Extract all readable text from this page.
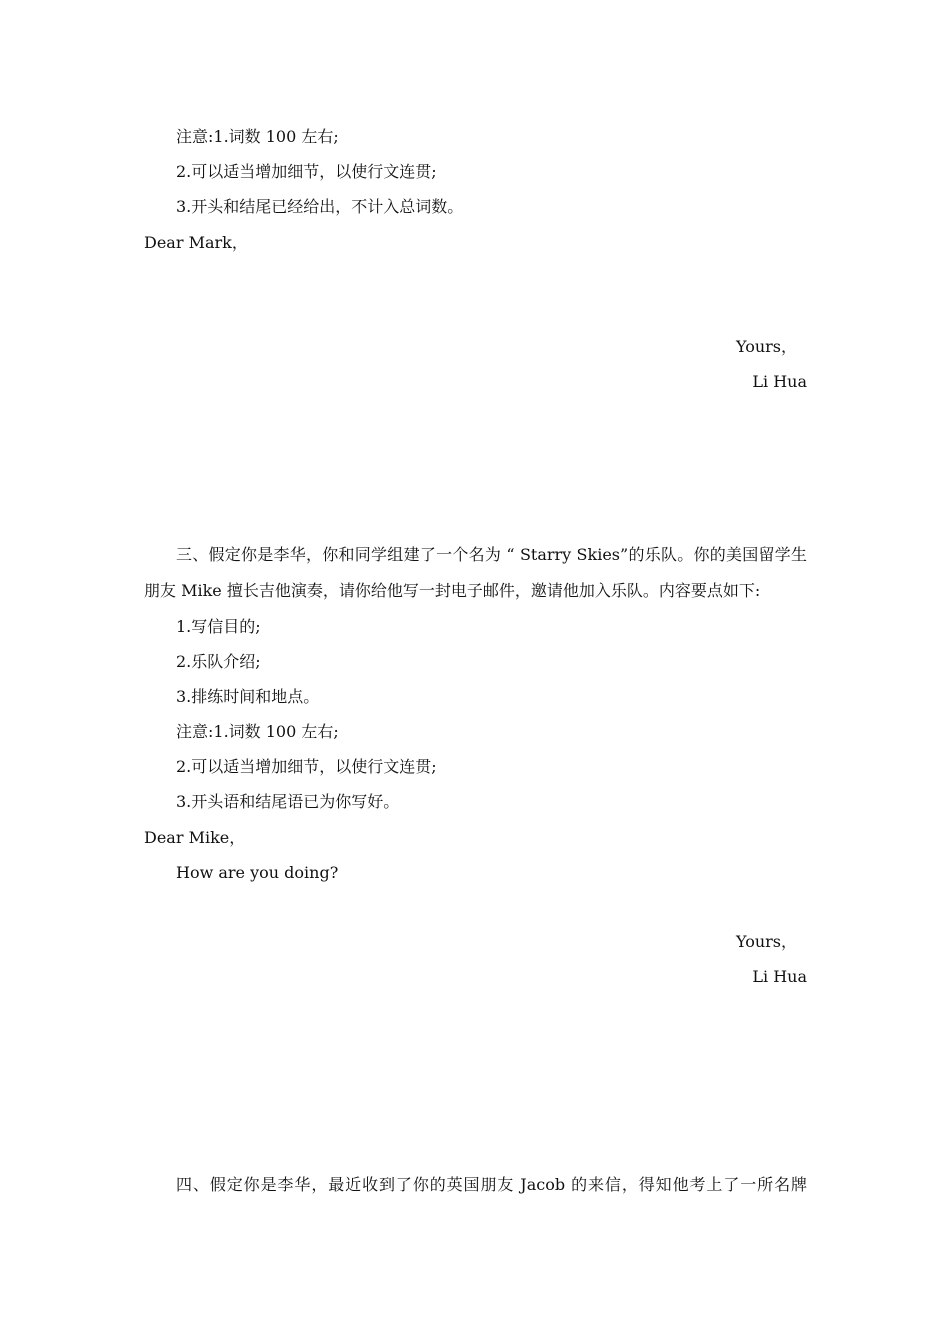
注意:1.词数 100 左右;
2.可以适当增加细节，以使行文连贯;
3.开头和结尾已经给出，不计入总词数。
Dear Mark，
Yours，
Li Hua
三、假定你是李华，你和同学组建了一个名为 “ Starry Skies”的乐队。你的美国留学生
朋友 Mike 擅长吉他演奏，请你给他写一封电子邮件，邀请他加入乐队。内容要点如下:
1.写信目的;
2.乐队介绍;
3.排练时间和地点。
注意:1.词数 100 左右;
2.可以适当增加细节，以使行文连贯;
3.开头语和结尾语已为你写好。
Dear Mike，
How are you doing?
Yours，
Li Hua
四、假定你是李华，最近收到了你的英国朋友 Jacob 的来信，得知他考上了一所名牌
